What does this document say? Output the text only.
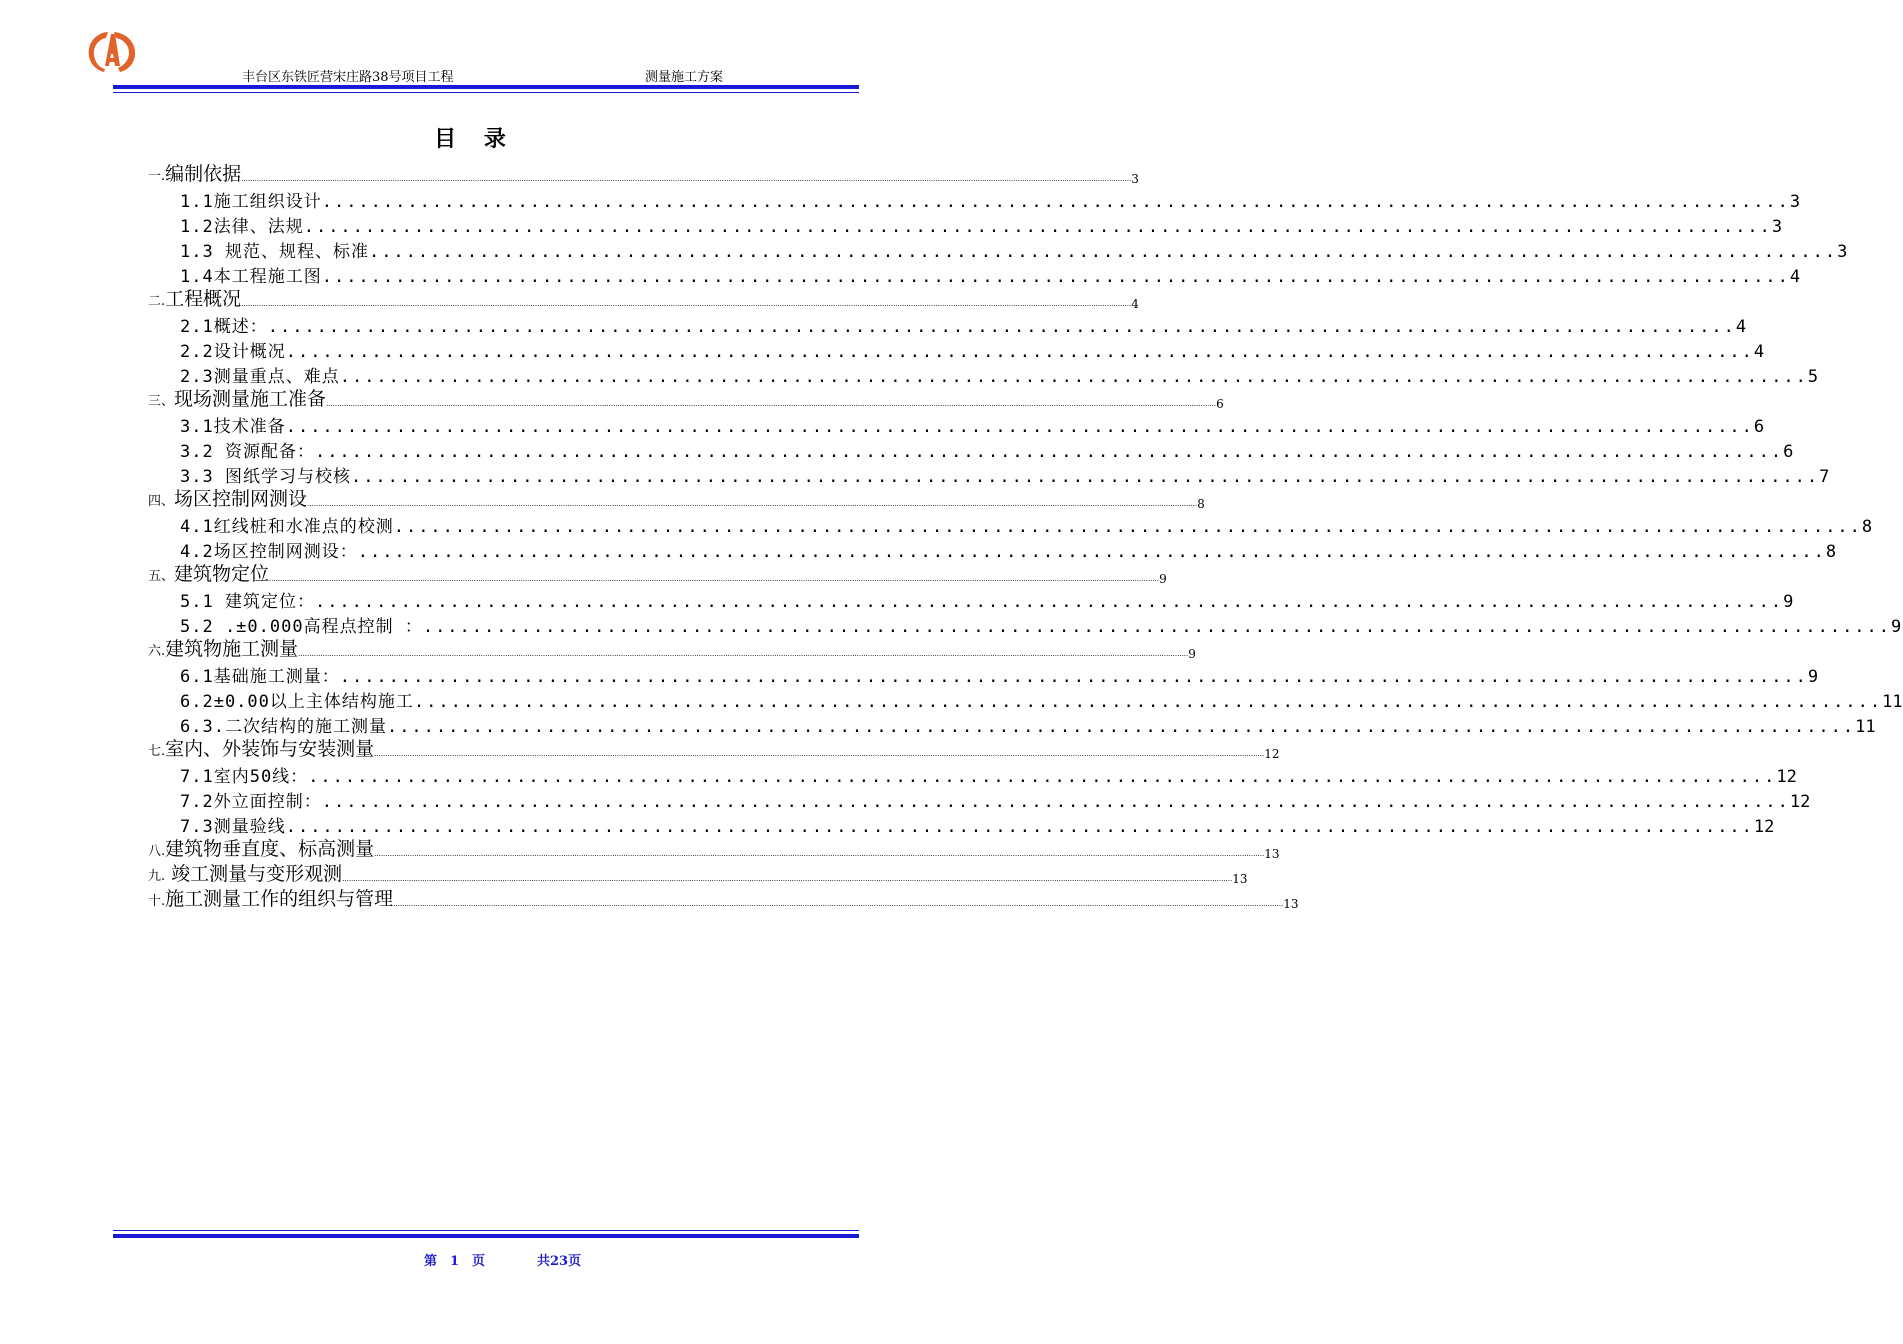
丰台区东铁匠营宋庄路38号项目工程	测量施工方案
目 录
一.编制依据 ................................................................................................................................................................................................................................................................................................................................................................................................................ 3
1.1施工组织设计 ........................................................................................................................ 3
1.2法律、法规 ........................................................................................................................ 3
1.3 规范、规程、标准 ........................................................................................................................ 3
1.4本工程施工图 ........................................................................................................................ 4
二.工程概况 ................................................................................................................................................................................................................................................................................................................................................................................................................ 4
2.1概述： ........................................................................................................................ 4
2.2设计概况 ........................................................................................................................ 4
2.3测量重点、难点 ........................................................................................................................ 5
三、现场测量施工准备 ................................................................................................................................................................................................................................................................................................................................................................................................................ 6
3.1技术准备 ........................................................................................................................ 6
3.2 资源配备： ........................................................................................................................ 6
3.3 图纸学习与校核 ........................................................................................................................ 7
四、场区控制网测设 ................................................................................................................................................................................................................................................................................................................................................................................................................ 8
4.1红线桩和水准点的校测 ........................................................................................................................ 8
4.2场区控制网测设： ........................................................................................................................ 8
五、建筑物定位 ................................................................................................................................................................................................................................................................................................................................................................................................................ 9
5.1 建筑定位： ........................................................................................................................ 9
5.2 .±0.000高程点控制 ： ........................................................................................................................ 9
六.建筑物施工测量 ................................................................................................................................................................................................................................................................................................................................................................................................................ 9
6.1基础施工测量： ........................................................................................................................ 9
6.2±0.00以上主体结构施工 ........................................................................................................................ 11
6.3.二次结构的施工测量 ........................................................................................................................ 11
七.室内、外装饰与安装测量 ................................................................................................................................................................................................................................................................................................................................................................................................................ 12
7.1室内50线： ........................................................................................................................ 12
7.2外立面控制： ........................................................................................................................ 12
7.3测量验线 ........................................................................................................................ 12
八.建筑物垂直度、标高测量 ................................................................................................................................................................................................................................................................................................................................................................................................................ 13
九. 竣工测量与变形观测 ................................................................................................................................................................................................................................................................................................................................................................................................................ 13
十.施工测量工作的组织与管理 ................................................................................................................................................................................................................................................................................................................................................................................................................ 13
第　1　页	共23页
